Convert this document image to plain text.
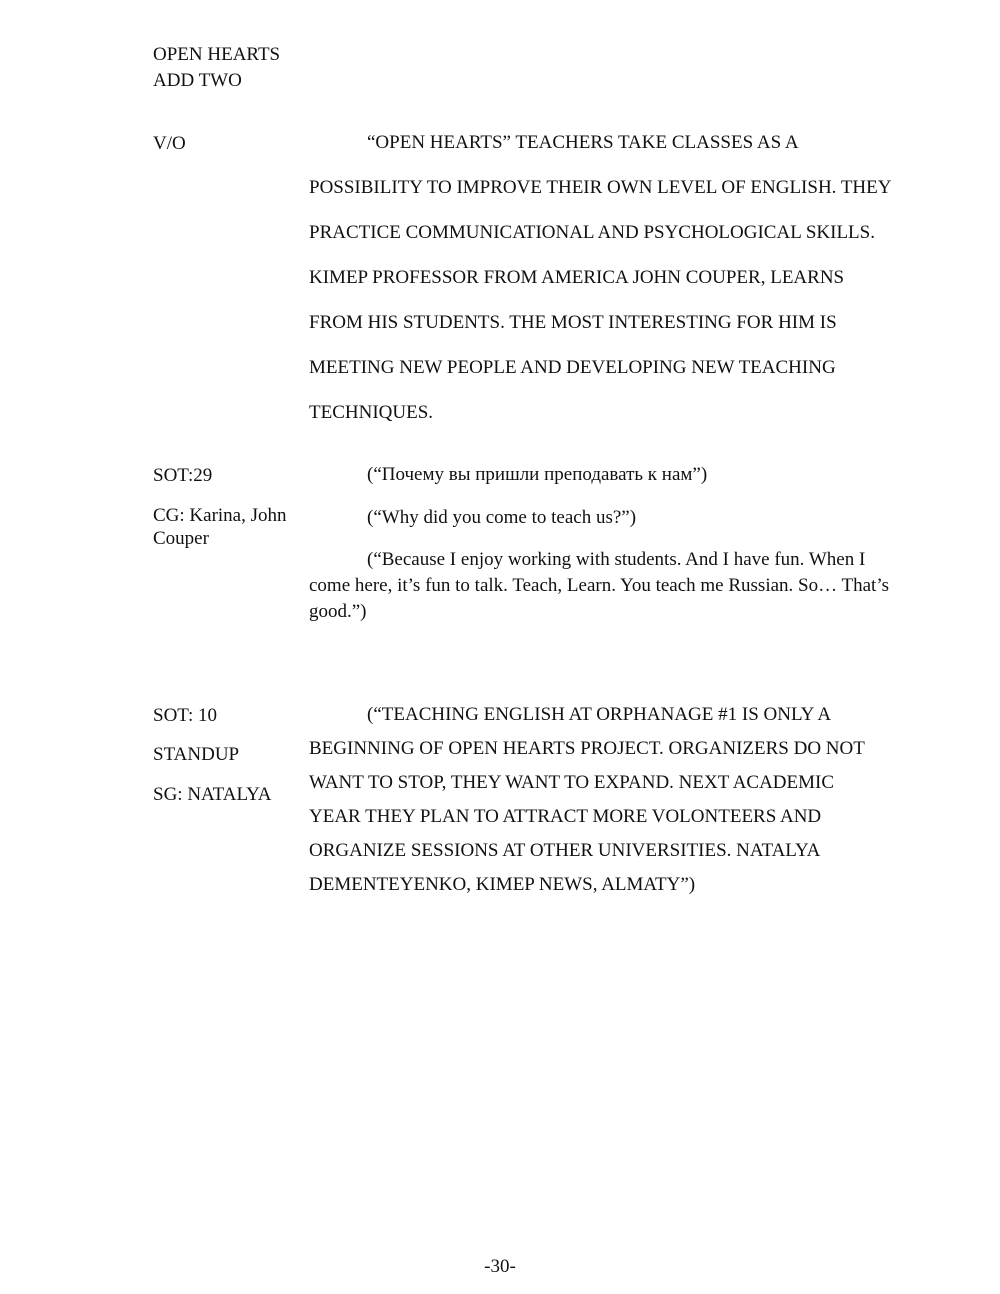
OPEN HEARTS
ADD TWO
V/O	“OPEN HEARTS” TEACHERS TAKE CLASSES AS A
POSSIBILITY TO IMPROVE THEIR OWN LEVEL OF ENGLISH. THEY
PRACTICE COMMUNICATIONAL AND PSYCHOLOGICAL SKILLS.
KIMEP PROFESSOR FROM AMERICA JOHN COUPER, LEARNS
FROM HIS STUDENTS. THE MOST INTERESTING FOR HIM IS
MEETING NEW PEOPLE AND DEVELOPING NEW TEACHING
TECHNIQUES.
SOT:29
CG: Karina, John Couper
(“Почему вы пришли преподавать к нам”)
(“Why did you come to teach us?”)
(“Because I enjoy working with students. And I have fun. When I come here, it’s fun to talk. Teach, Learn. You teach me Russian. So… That’s good.”)
SOT: 10
STANDUP
SG: NATALYA
(“TEACHING ENGLISH AT ORPHANAGE #1 IS ONLY A
BEGINNING OF OPEN HEARTS PROJECT. ORGANIZERS DO NOT
WANT TO STOP, THEY WANT TO EXPAND. NEXT ACADEMIC
YEAR THEY PLAN TO ATTRACT MORE VOLONTEERS AND
ORGANIZE SESSIONS AT OTHER UNIVERSITIES. NATALYA
DEMENTEYENKO, KIMEP NEWS, ALMATY”)
-30-
